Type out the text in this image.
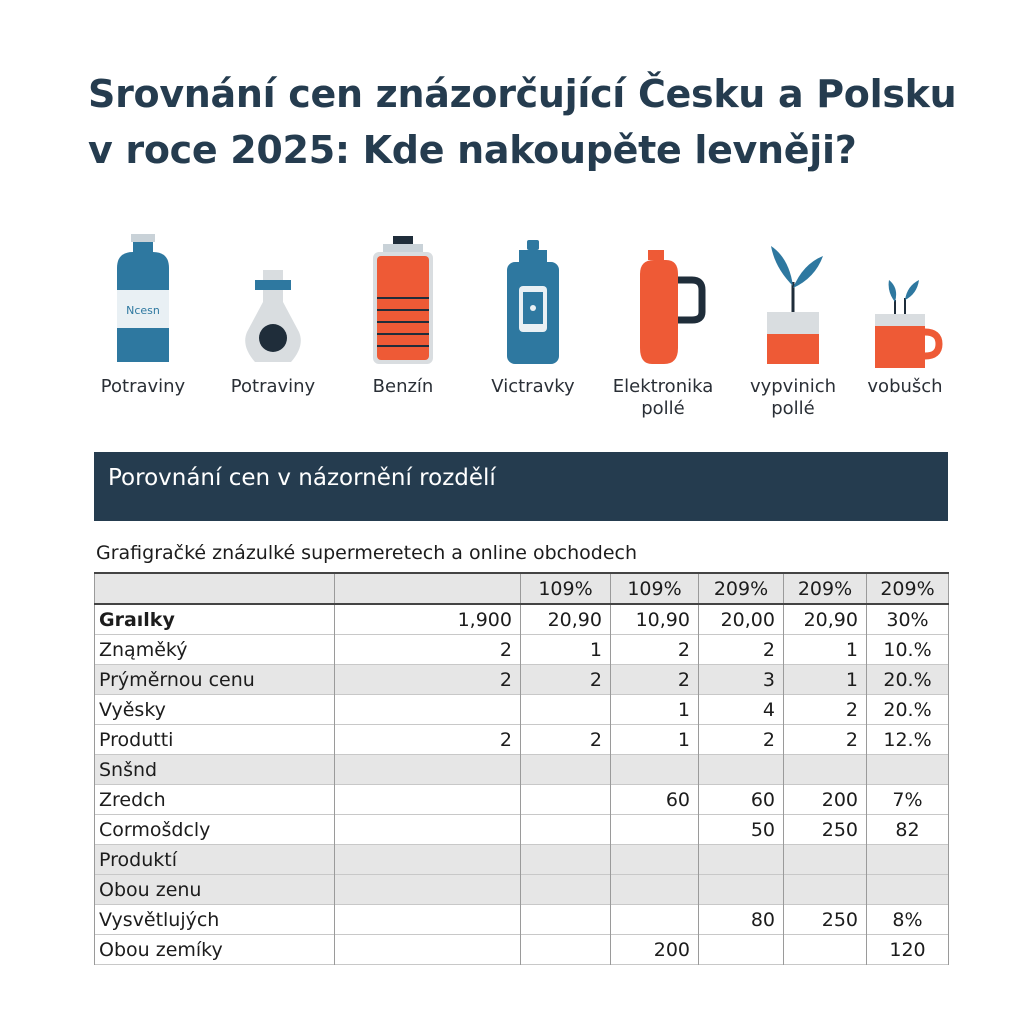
Srovnání cen znázorčující Česku a Polsku
v roce 2025: Kde nakoupěte levněji?
Ncesn
Potraviny	Potraviny	Benzín	Victravky	Elektronika
pollé
vypvinich
pollé
vobušch
Porovnání cen v názornění rozdělí
Grafigračké znázulké supermeretech a online obchodech
		109%	109%	209%	209%	209%
Graılky	1,900	20,90	10,90	20,00	20,90	30%
Znąměký	2	1	2	2	1	10.%
Prýměrnou cenu	2	2	2	3	1	20.%
Vyěsky			1	4	2	20.%
Produtti	2	2	1	2	2	12.%
Snšnd						
Zredch			60	60	200	7%
Cormošdcly				50	250	82
Produktí						
Obou zenu						
Vysvětlujých				80	250	8%
Obou zemíky			200			120
